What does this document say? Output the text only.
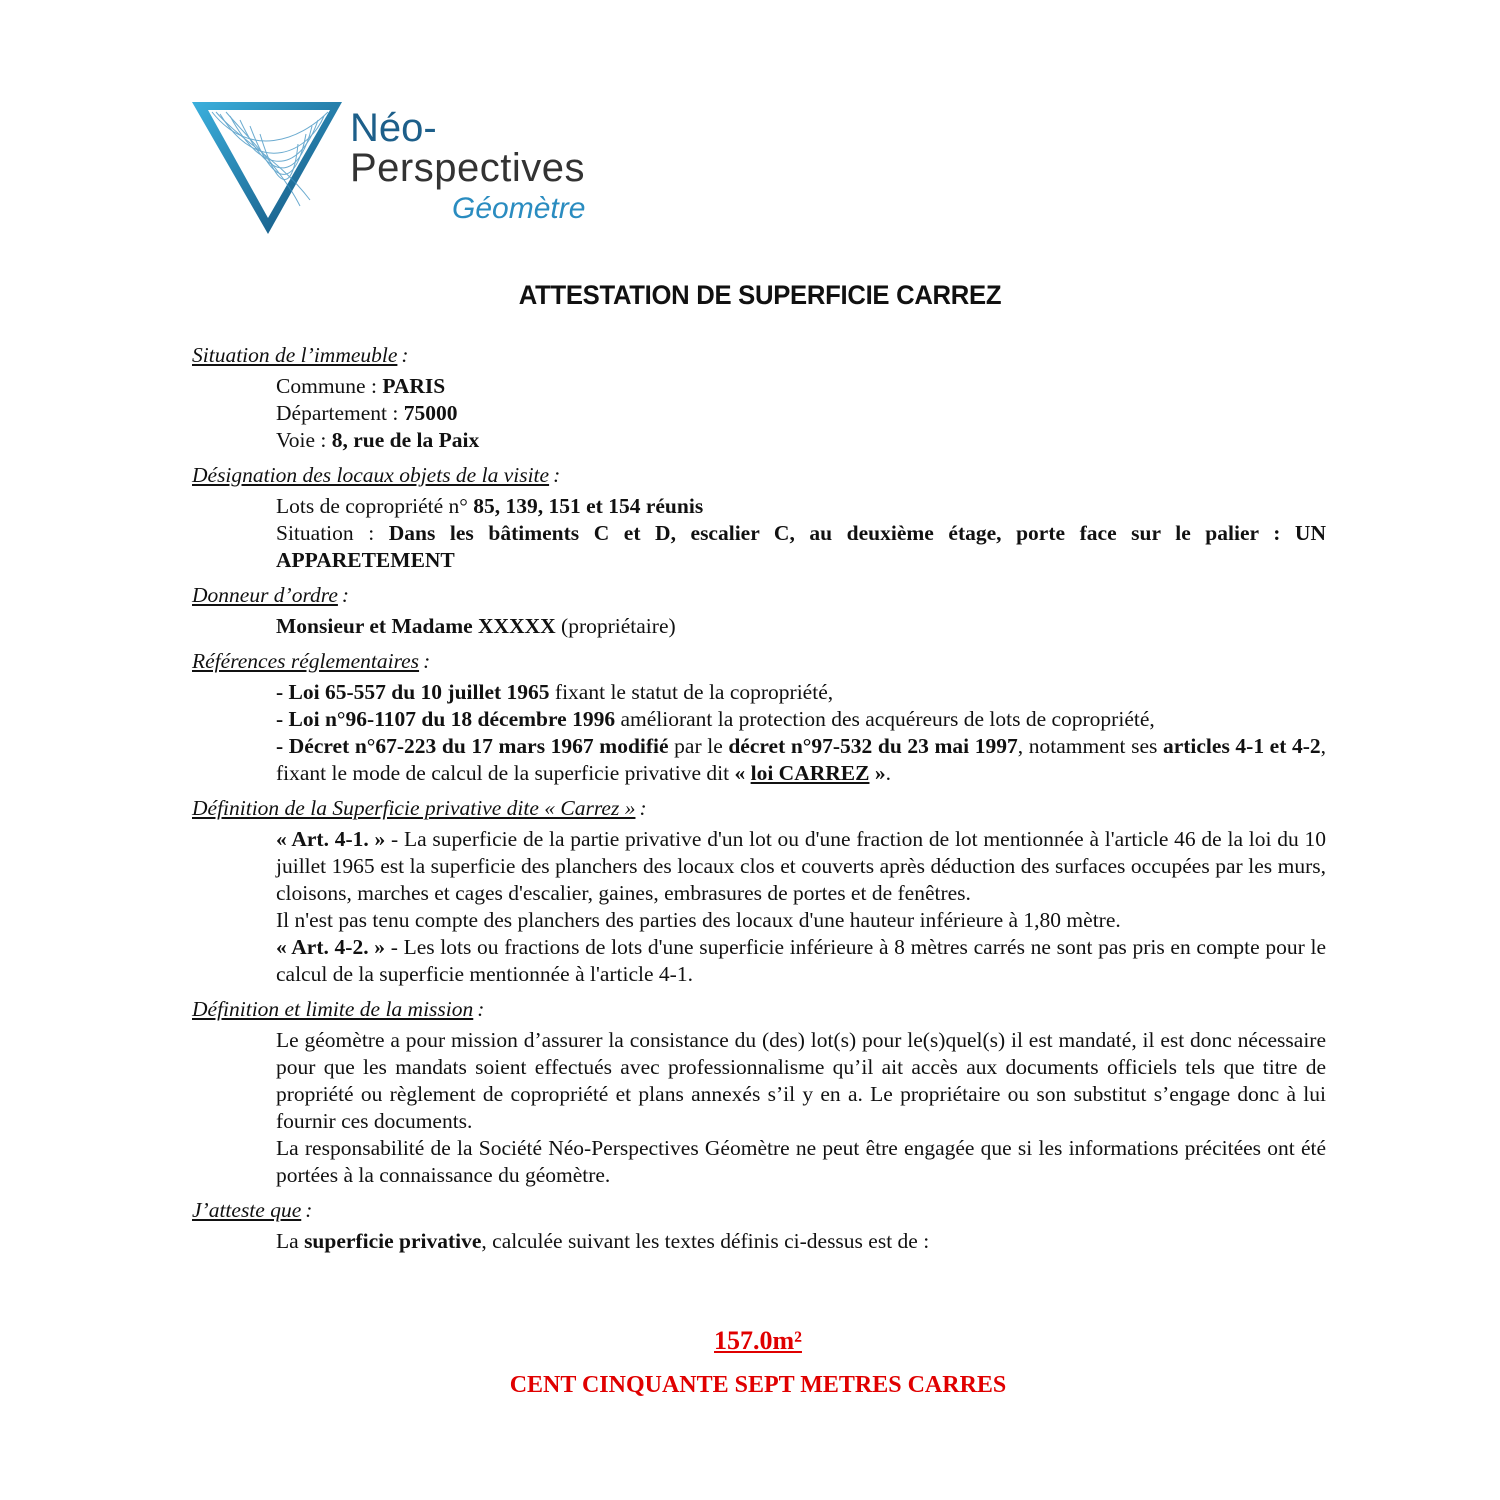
Néo-
Perspectives
Géomètre
ATTESTATION DE SUPERFICIE CARREZ
Situation de l’immeuble :

Commune : PARIS

Département : 75000

Voie : 8, rue de la Paix

Désignation des locaux objets de la visite :

Lots de copropriété n° 85, 139, 151 et 154 réunis

Situation : Dans les bâtiments C et D, escalier C, au deuxième étage, porte face sur le palier : UN APPARETEMENT

Donneur d’ordre :

Monsieur et Madame XXXXX (propriétaire)

Références réglementaires :

- Loi 65-557 du 10 juillet 1965 fixant le statut de la copropriété,

- Loi n°96-1107 du 18 décembre 1996 améliorant la protection des acquéreurs de lots de copropriété,

- Décret n°67-223 du 17 mars 1967 modifié par le décret n°97-532 du 23 mai 1997, notamment ses articles 4-1 et 4-2, fixant le mode de calcul de la superficie privative dit « loi CARREZ ».

Définition de la Superficie privative dite « Carrez » :

« Art. 4-1. » - La superficie de la partie privative d'un lot ou d'une fraction de lot mentionnée à l'article 46 de la loi du 10 juillet 1965 est la superficie des planchers des locaux clos et couverts après déduction des surfaces occupées par les murs, cloisons, marches et cages d'escalier, gaines, embrasures de portes et de fenêtres.

Il n'est pas tenu compte des planchers des parties des locaux d'une hauteur inférieure à 1,80 mètre.

« Art. 4-2. » - Les lots ou fractions de lots d'une superficie inférieure à 8 mètres carrés ne sont pas pris en compte pour le calcul de la superficie mentionnée à l'article 4-1.

Définition et limite de la mission :

Le géomètre a pour mission d’assurer la consistance du (des) lot(s) pour le(s)quel(s) il est mandaté, il est donc nécessaire pour que les mandats soient effectués avec professionnalisme qu’il ait accès aux documents officiels tels que titre de propriété ou règlement de copropriété et plans annexés s’il y en a. Le propriétaire ou son substitut s’engage donc à lui fournir ces documents.

La responsabilité de la Société Néo-Perspectives Géomètre ne peut être engagée que si les informations précitées ont été portées à la connaissance du géomètre.

J’atteste que :

La superficie privative, calculée suivant les textes définis ci-dessus est de :

157.0m²
CENT CINQUANTE SEPT METRES CARRES
